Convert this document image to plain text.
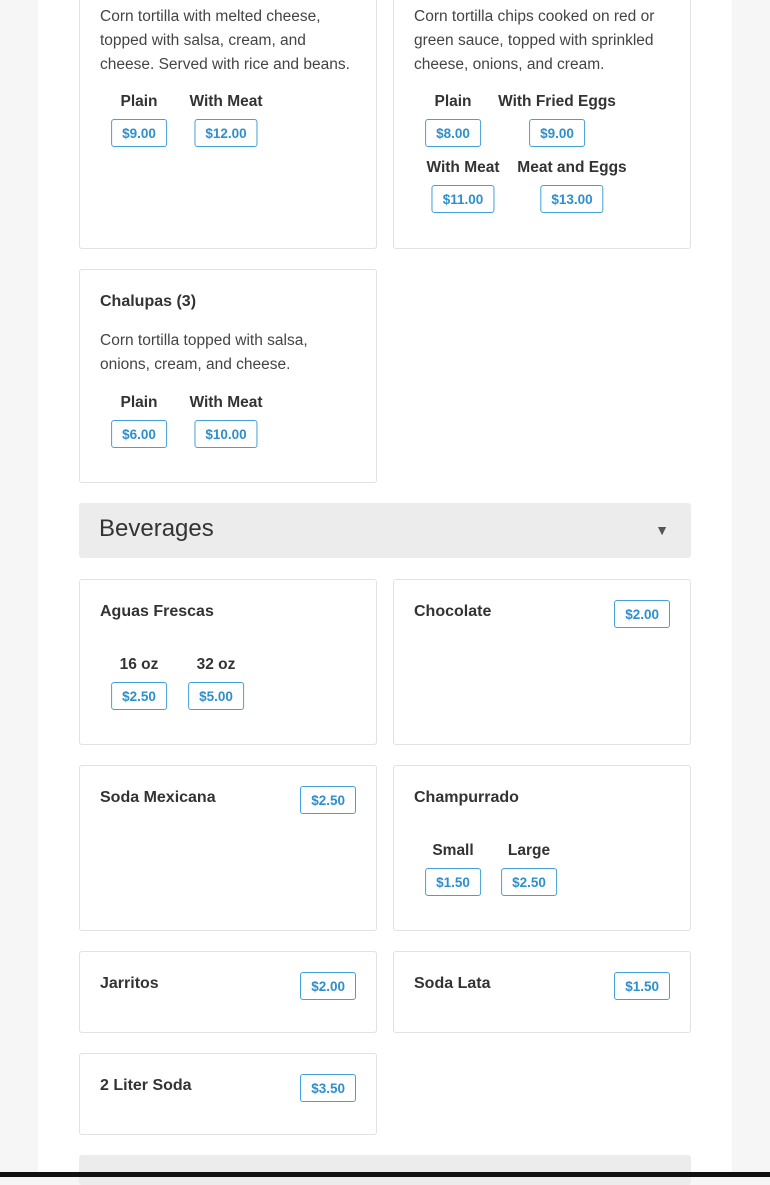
Corn tortilla with melted cheese, topped with salsa, cream, and cheese. Served with rice and beans.
Plain
$9.00
With Meat
$12.00
Corn tortilla chips cooked on red or green sauce, topped with sprinkled cheese, onions, and cream.
Plain
$8.00
With Fried Eggs
$9.00
With Meat
$11.00
Meat and Eggs
$13.00
Chalupas (3)
Corn tortilla topped with salsa, onions, cream, and cheese.
Plain
$6.00
With Meat
$10.00
Beverages	▼
Aguas Frescas
16 oz
$2.50
32 oz
$5.00
Chocolate	$2.00
Soda Mexicana	$2.50	Champurrado
Small
$1.50
Large
$2.50
Jarritos	$2.00	Soda Lata	$1.50
2 Liter Soda	$3.50
